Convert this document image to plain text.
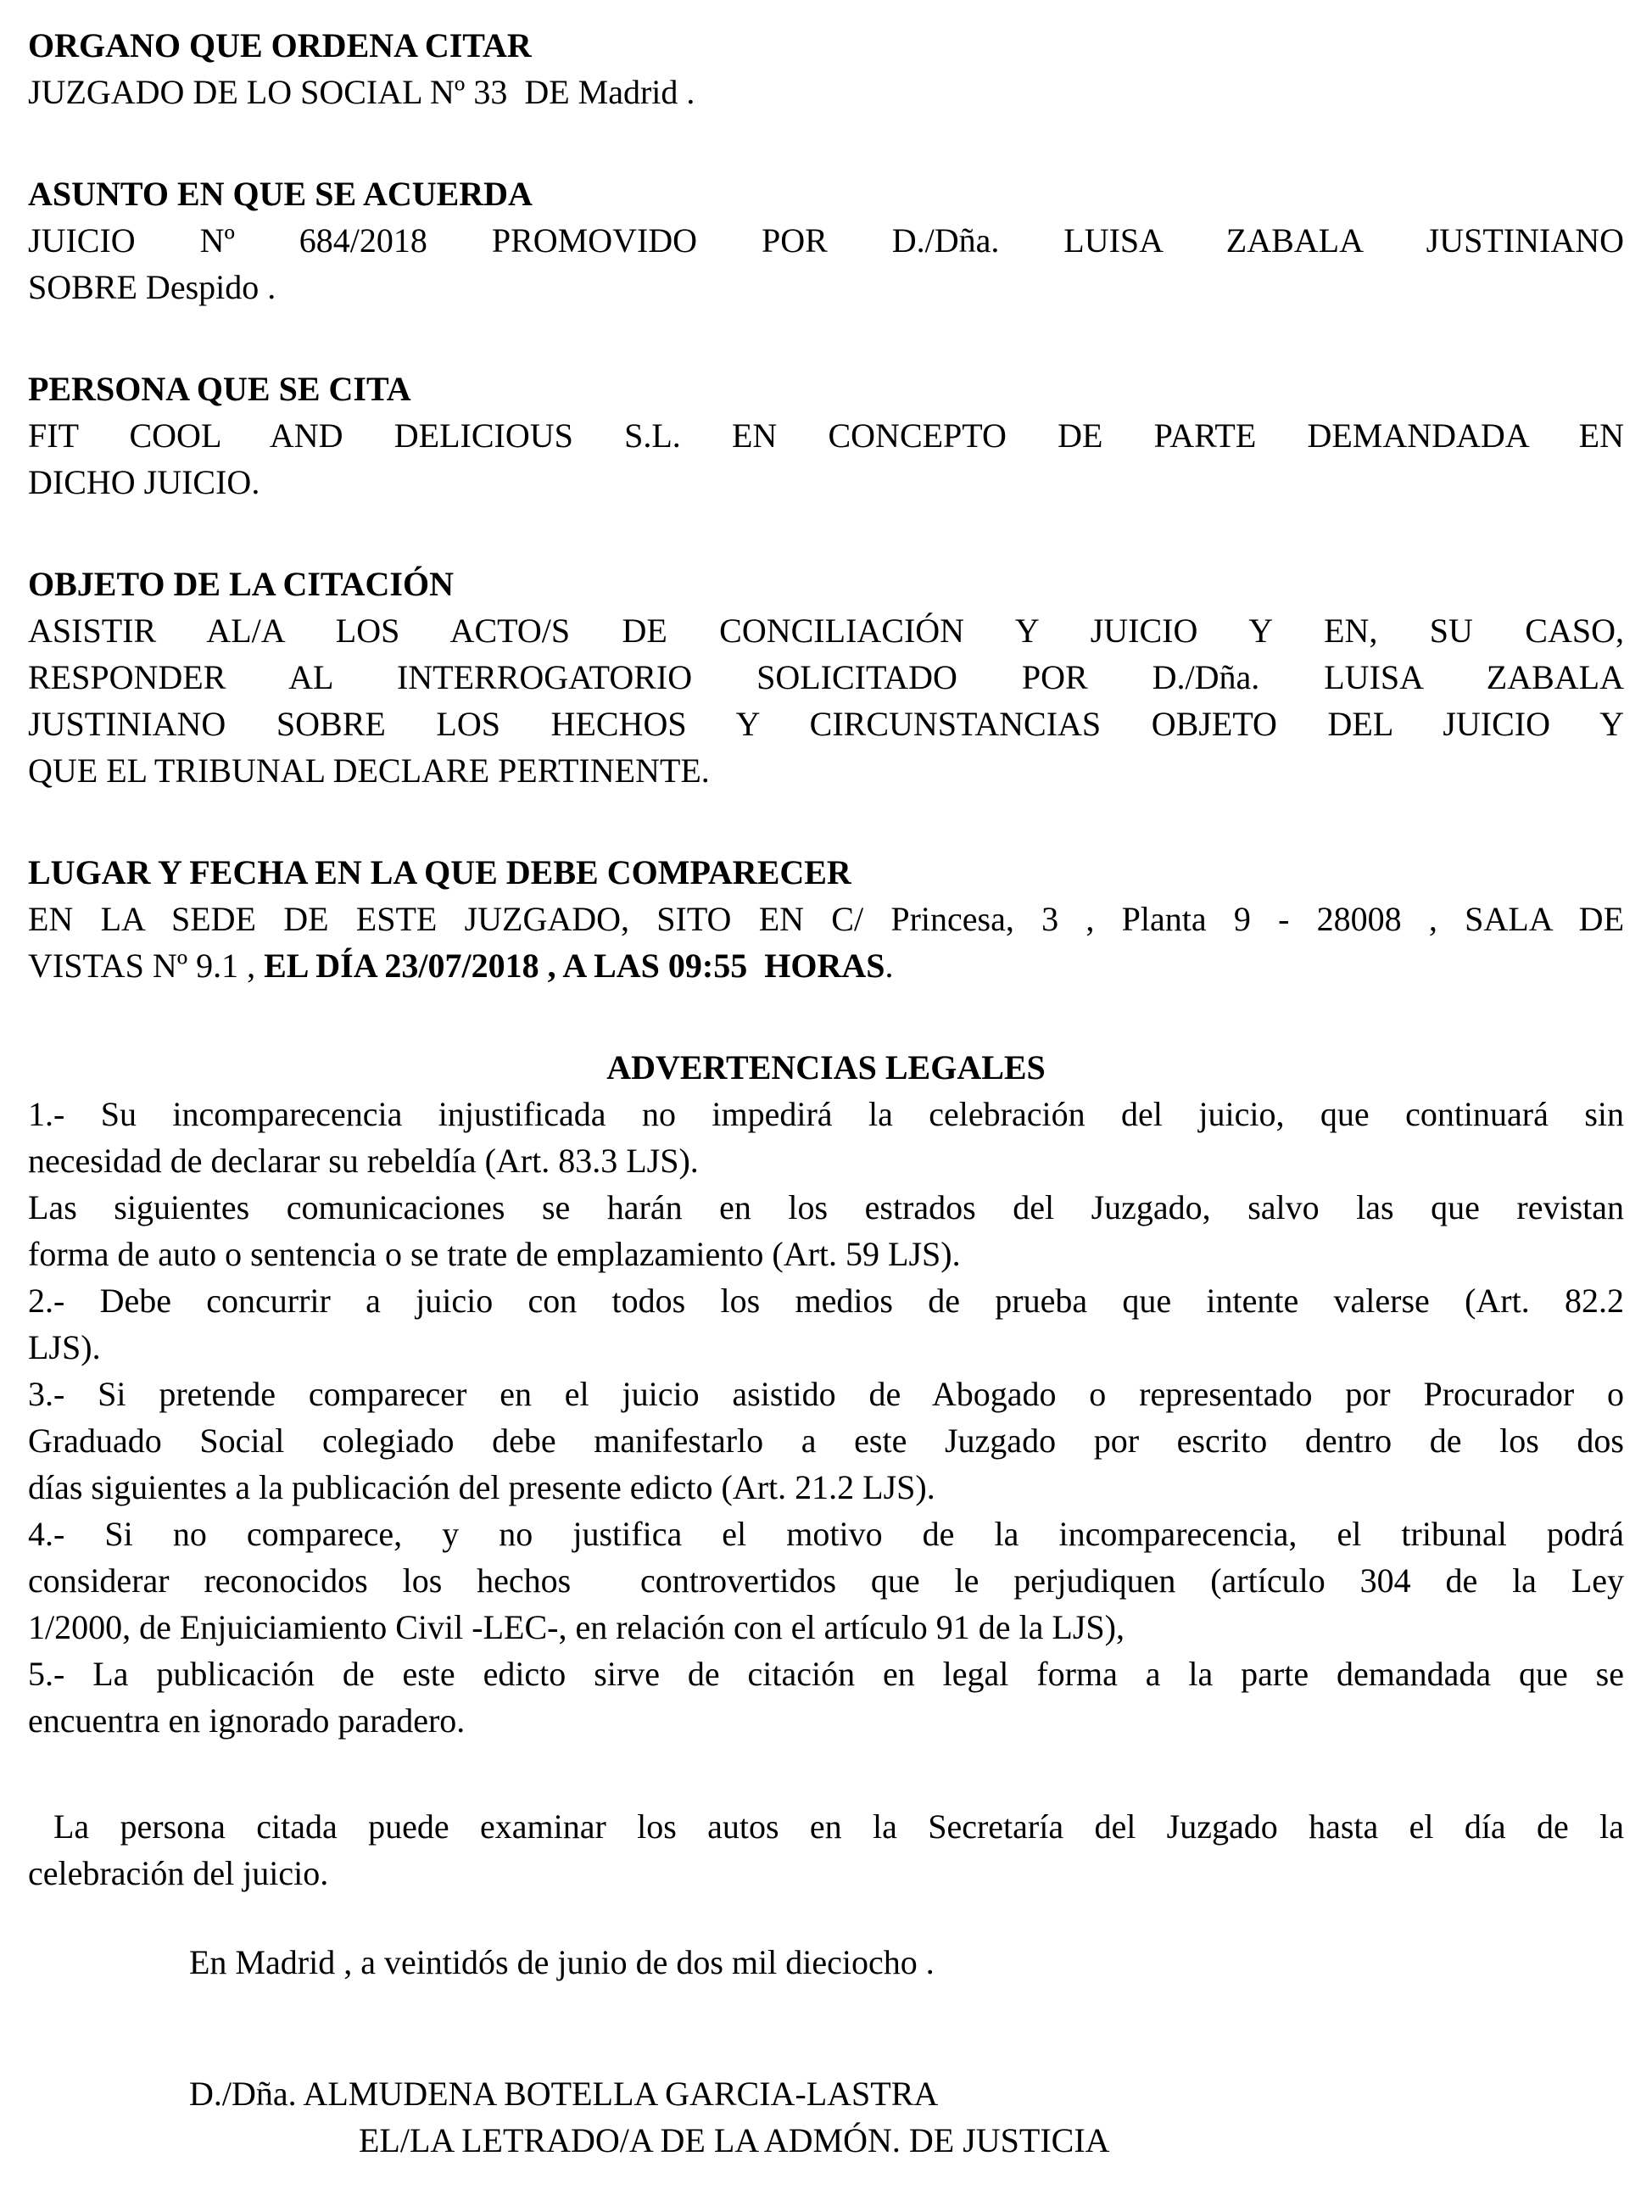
ORGANO QUE ORDENA CITAR
JUZGADO DE LO SOCIAL Nº 33  DE Madrid .
ASUNTO EN QUE SE ACUERDA
JUICIO Nº 684/2018 PROMOVIDO POR D./Dña. LUISA ZABALA JUSTINIANO
SOBRE Despido .
PERSONA QUE SE CITA
FIT COOL AND DELICIOUS S.L. EN CONCEPTO DE PARTE DEMANDADA EN
DICHO JUICIO.
OBJETO DE LA CITACIÓN
ASISTIR AL/A LOS ACTO/S DE CONCILIACIÓN Y JUICIO Y EN, SU CASO,
RESPONDER AL INTERROGATORIO SOLICITADO POR D./Dña. LUISA ZABALA
JUSTINIANO SOBRE LOS HECHOS Y CIRCUNSTANCIAS OBJETO DEL JUICIO Y
QUE EL TRIBUNAL DECLARE PERTINENTE.
LUGAR Y FECHA EN LA QUE DEBE COMPARECER
EN LA SEDE DE ESTE JUZGADO, SITO EN C/ Princesa, 3 , Planta 9 - 28008 , SALA DE
VISTAS Nº 9.1 , EL DÍA 23/07/2018 , A LAS 09:55  HORAS.
ADVERTENCIAS LEGALES
1.- Su incomparecencia injustificada no impedirá la celebración del juicio, que continuará sin
necesidad de declarar su rebeldía (Art. 83.3 LJS).
Las siguientes comunicaciones se harán en los estrados del Juzgado, salvo las que revistan
forma de auto o sentencia o se trate de emplazamiento (Art. 59 LJS).
2.- Debe concurrir a juicio con todos los medios de prueba que intente valerse (Art. 82.2
LJS).
3.- Si pretende comparecer en el juicio asistido de Abogado o representado por Procurador o
Graduado Social colegiado debe manifestarlo a este Juzgado por escrito dentro de los dos
días siguientes a la publicación del presente edicto (Art. 21.2 LJS).
4.- Si no comparece, y no justifica el motivo de la incomparecencia, el tribunal podrá
considerar reconocidos los hechos  controvertidos que le perjudiquen (artículo 304 de la Ley
1/2000, de Enjuiciamiento Civil -LEC-, en relación con el artículo 91 de la LJS),
5.- La publicación de este edicto sirve de citación en legal forma a la parte demandada que se
encuentra en ignorado paradero.
La persona citada puede examinar los autos en la Secretaría del Juzgado hasta el día de la
celebración del juicio.
En Madrid , a veintidós de junio de dos mil dieciocho .
D./Dña. ALMUDENA BOTELLA GARCIA-LASTRA
EL/LA LETRADO/A DE LA ADMÓN. DE JUSTICIA
